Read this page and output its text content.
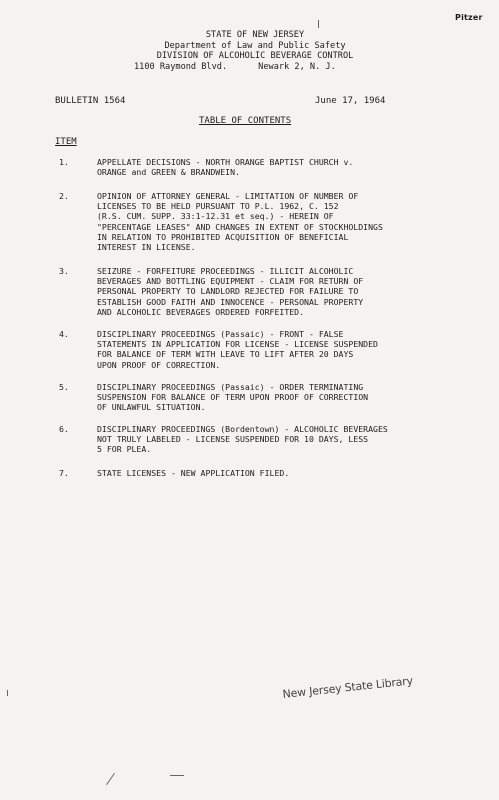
Pitzer
STATE OF NEW JERSEY
Department of Law and Public Safety
DIVISION OF ALCOHOLIC BEVERAGE CONTROL
1100 Raymond Blvd.      Newark 2, N. J.
BULLETIN 1564	June 17, 1964
TABLE OF CONTENTS
ITEM
1.	APPELLATE DECISIONS - NORTH ORANGE BAPTIST CHURCH v.
ORANGE and GREEN & BRANDWEIN.
2.	OPINION OF ATTORNEY GENERAL - LIMITATION OF NUMBER OF
LICENSES TO BE HELD PURSUANT TO P.L. 1962, C. 152
(R.S. CUM. SUPP. 33:1-12.31 et seq.) - HEREIN OF
"PERCENTAGE LEASES" AND CHANGES IN EXTENT OF STOCKHOLDINGS
IN RELATION TO PROHIBITED ACQUISITION OF BENEFICIAL
INTEREST IN LICENSE.
3.	SEIZURE - FORFEITURE PROCEEDINGS - ILLICIT ALCOHOLIC
BEVERAGES AND BOTTLING EQUIPMENT - CLAIM FOR RETURN OF
PERSONAL PROPERTY TO LANDLORD REJECTED FOR FAILURE TO
ESTABLISH GOOD FAITH AND INNOCENCE - PERSONAL PROPERTY
AND ALCOHOLIC BEVERAGES ORDERED FORFEITED.
4.	DISCIPLINARY PROCEEDINGS (Passaic) - FRONT - FALSE
STATEMENTS IN APPLICATION FOR LICENSE - LICENSE SUSPENDED
FOR BALANCE OF TERM WITH LEAVE TO LIFT AFTER 20 DAYS
UPON PROOF OF CORRECTION.
5.	DISCIPLINARY PROCEEDINGS (Passaic) - ORDER TERMINATING
SUSPENSION FOR BALANCE OF TERM UPON PROOF OF CORRECTION
OF UNLAWFUL SITUATION.
6.	DISCIPLINARY PROCEEDINGS (Bordentown) - ALCOHOLIC BEVERAGES
NOT TRULY LABELED - LICENSE SUSPENDED FOR 10 DAYS, LESS
5 FOR PLEA.
7.	STATE LICENSES - NEW APPLICATION FILED.
New Jersey State Library
